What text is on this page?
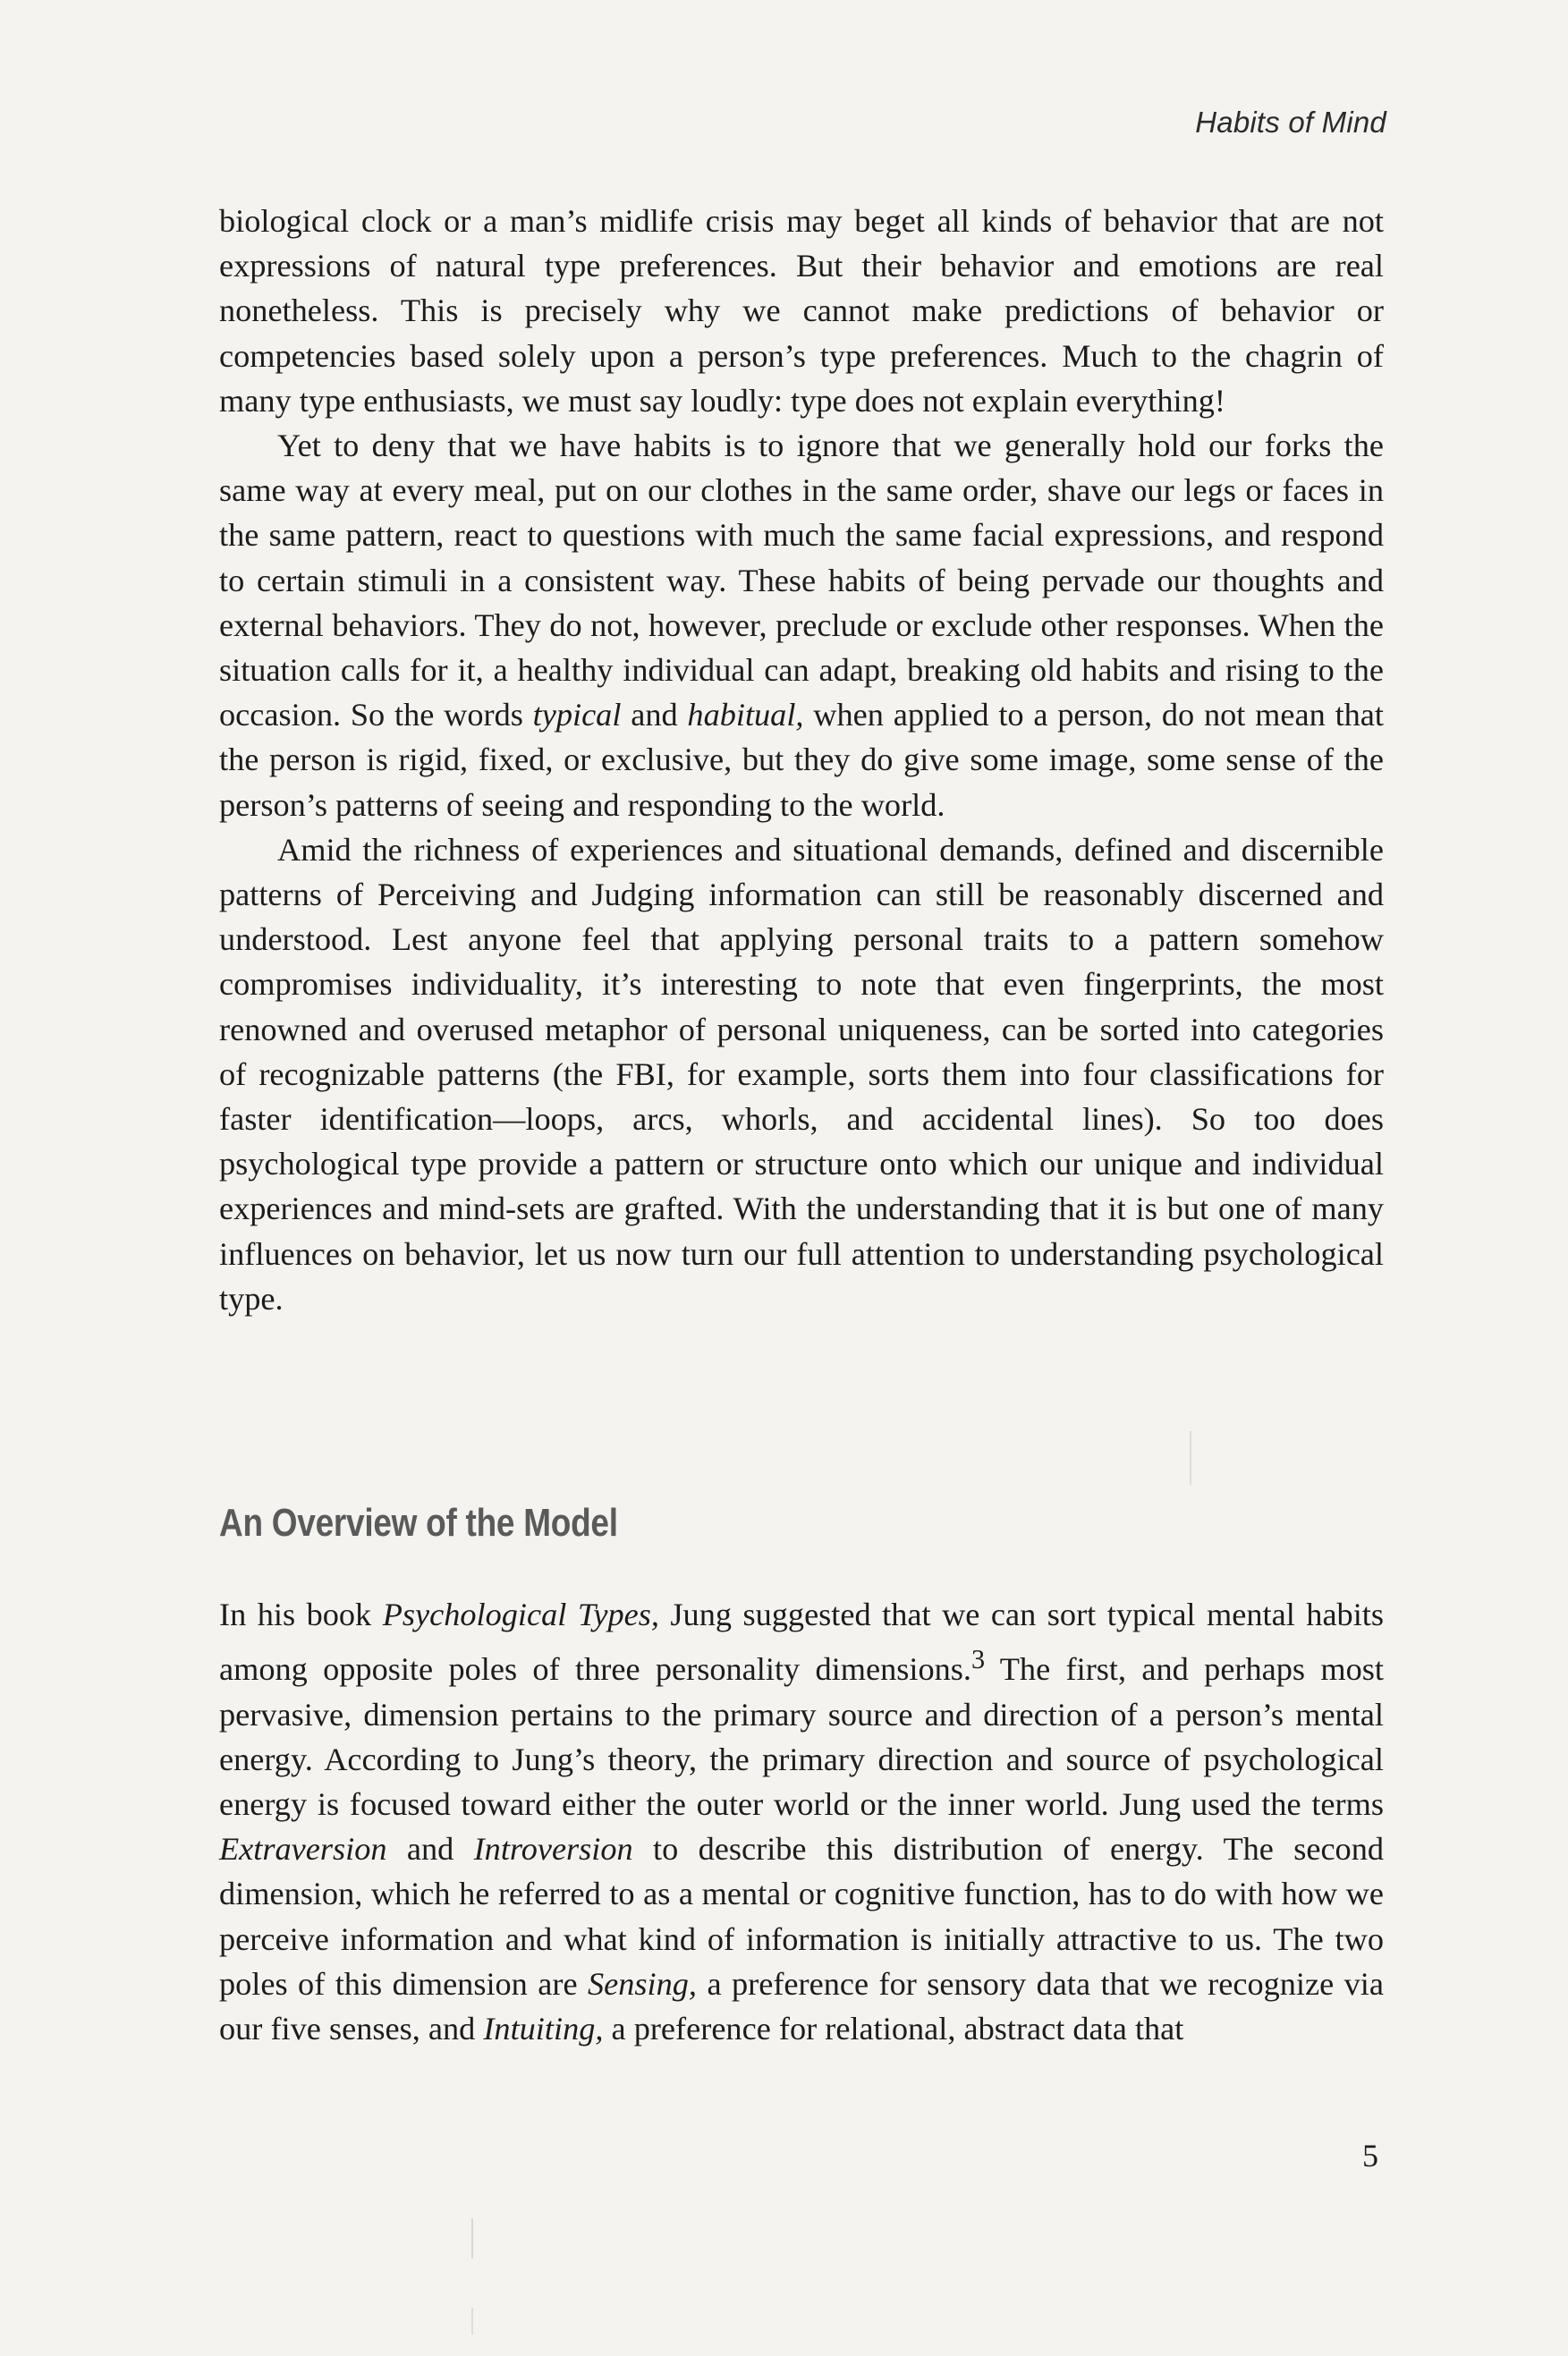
Habits of Mind

biological clock or a man’s midlife crisis may beget all kinds of behavior that are not expressions of natural type preferences. But their behavior and emotions are real nonetheless. This is precisely why we cannot make predictions of behavior or competencies based solely upon a person’s type preferences. Much to the chagrin of many type enthusiasts, we must say loudly: type does not explain everything!

Yet to deny that we have habits is to ignore that we generally hold our forks the same way at every meal, put on our clothes in the same order, shave our legs or faces in the same pattern, react to questions with much the same facial expressions, and respond to certain stimuli in a consistent way. These habits of being pervade our thoughts and external behaviors. They do not, however, preclude or exclude other responses. When the situation calls for it, a healthy individual can adapt, breaking old habits and rising to the occasion. So the words typical and habitual, when applied to a person, do not mean that the person is rigid, fixed, or exclusive, but they do give some image, some sense of the person’s patterns of seeing and responding to the world.

Amid the richness of experiences and situational demands, defined and discernible patterns of Perceiving and Judging information can still be reasonably discerned and understood. Lest anyone feel that applying personal traits to a pattern somehow compromises individuality, it’s interesting to note that even fingerprints, the most renowned and overused metaphor of personal uniqueness, can be sorted into categories of recognizable patterns (the FBI, for example, sorts them into four classifications for faster identification—loops, arcs, whorls, and accidental lines). So too does psychological type provide a pattern or structure onto which our unique and individual experiences and mind-sets are grafted. With the understanding that it is but one of many influences on behavior, let us now turn our full attention to understanding psychological type.

An Overview of the Model

In his book Psychological Types, Jung suggested that we can sort typical mental habits among opposite poles of three personality dimensions.$^3$ The first, and perhaps most pervasive, dimension pertains to the primary source and direction of a person’s mental energy. According to Jung’s theory, the primary direction and source of psychological energy is focused toward either the outer world or the inner world. Jung used the terms Extraversion and Introversion to describe this distribution of energy. The second dimension, which he referred to as a mental or cognitive function, has to do with how we perceive information and what kind of information is initially attractive to us. The two poles of this dimension are Sensing, a preference for sensory data that we recognize via our five senses, and Intuiting, a preference for relational, abstract data that

5
